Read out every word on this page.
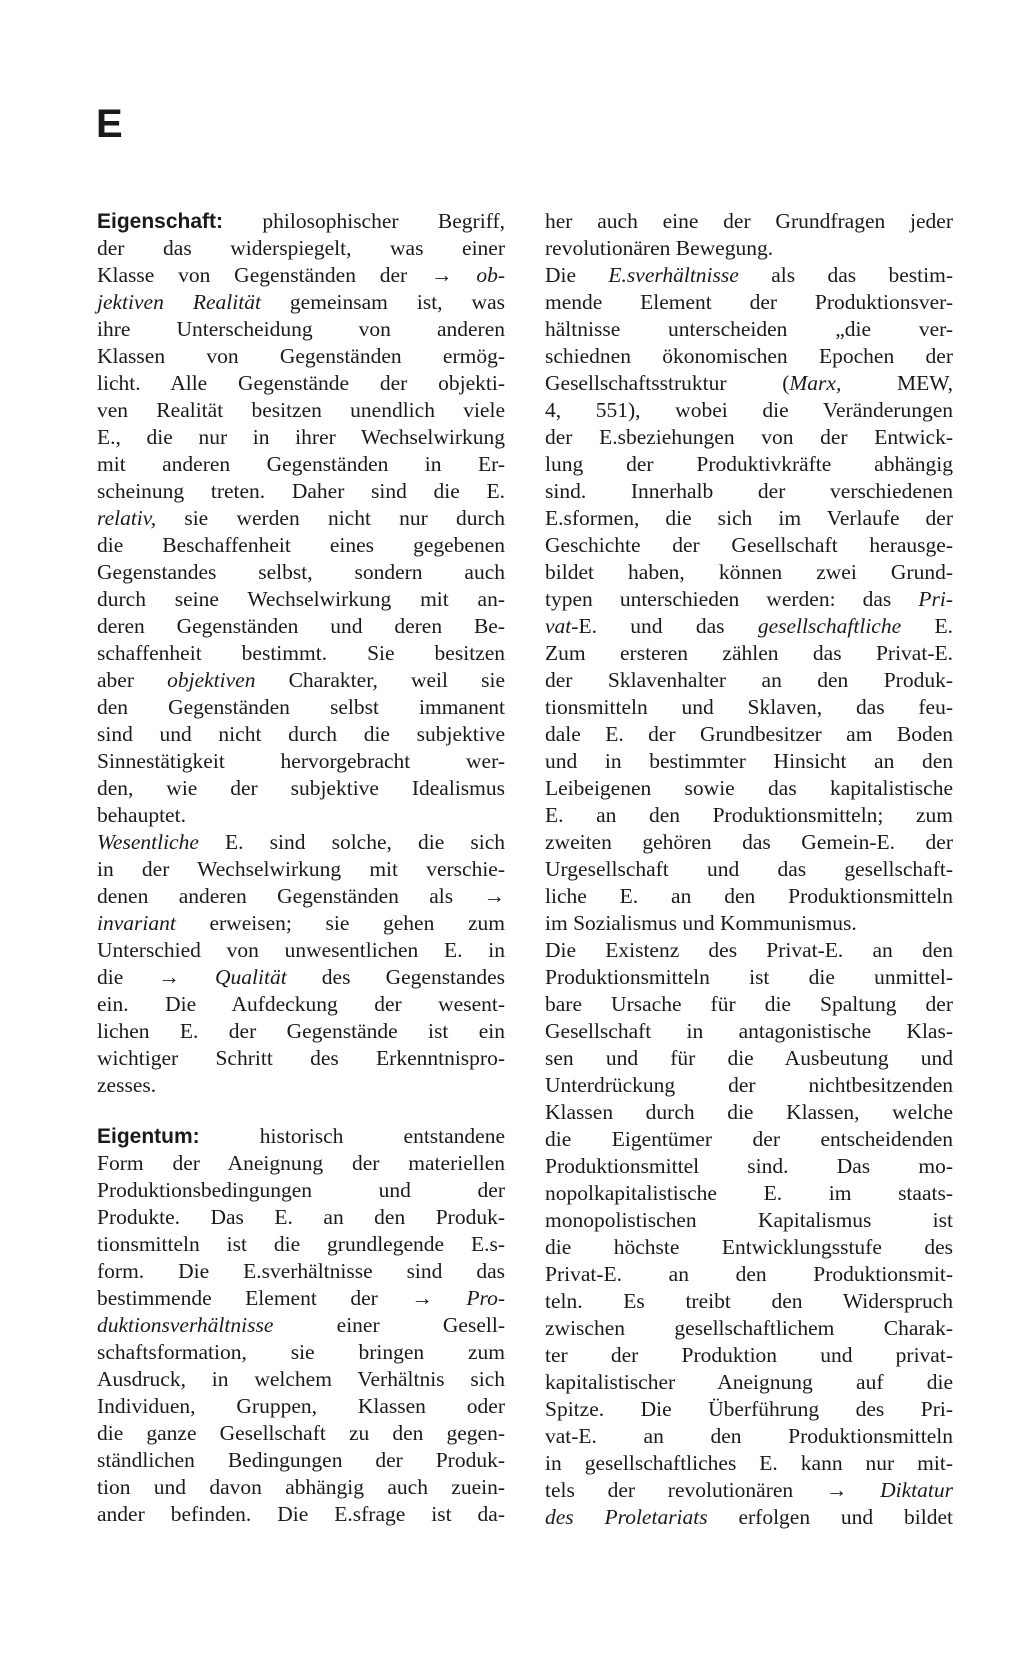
E
Eigenschaft: philosophischer Begriff,
der das widerspiegelt, was einer
Klasse von Gegenständen der → ob-
jektiven Realität gemeinsam ist, was
ihre Unterscheidung von anderen
Klassen von Gegenständen ermög-
licht. Alle Gegenstände der objekti-
ven Realität besitzen unendlich viele
E., die nur in ihrer Wechselwirkung
mit anderen Gegenständen in Er-
scheinung treten. Daher sind die E.
relativ, sie werden nicht nur durch
die Beschaffenheit eines gegebenen
Gegenstandes selbst, sondern auch
durch seine Wechselwirkung mit an-
deren Gegenständen und deren Be-
schaffenheit bestimmt. Sie besitzen
aber objektiven Charakter, weil sie
den Gegenständen selbst immanent
sind und nicht durch die subjektive
Sinnestätigkeit hervorgebracht wer-
den, wie der subjektive Idealismus
behauptet.
Wesentliche E. sind solche, die sich
in der Wechselwirkung mit verschie-
denen anderen Gegenständen als →
invariant erweisen; sie gehen zum
Unterschied von unwesentlichen E. in
die → Qualität des Gegenstandes
ein. Die Aufdeckung der wesent-
lichen E. der Gegenstände ist ein
wichtiger Schritt des Erkenntnispro-
zesses.
Eigentum:	historisch entstandene
Form der Aneignung der materiellen
Produktionsbedingungen und der
Produkte. Das E. an den Produk-
tionsmitteln ist die grundlegende E.s-
form. Die E.sverhältnisse sind das
bestimmende Element der → Pro-
duktionsverhältnisse einer Gesell-
schaftsformation, sie bringen zum
Ausdruck, in welchem Verhältnis sich
Individuen, Gruppen, Klassen oder
die ganze Gesellschaft zu den gegen-
ständlichen Bedingungen der Produk-
tion und davon abhängig auch zuein-
ander befinden. Die E.sfrage ist da-
her auch eine der Grundfragen jeder
revolutionären Bewegung.
Die E.sverhältnisse als das bestim-
mende Element der Produktionsver-
hältnisse unterscheiden „die ver-
schiednen ökonomischen Epochen der
Gesellschaftsstruktur (Marx, MEW,
4, 551), wobei die Veränderungen
der E.sbeziehungen von der Entwick-
lung der Produktivkräfte abhängig
sind. Innerhalb der verschiedenen
E.sformen, die sich im Verlaufe der
Geschichte der Gesellschaft herausge-
bildet haben, können zwei Grund-
typen unterschieden werden: das Pri-
vat-E. und das gesellschaftliche E.
Zum ersteren zählen das Privat-E.
der Sklavenhalter an den Produk-
tionsmitteln und Sklaven, das feu-
dale E. der Grundbesitzer am Boden
und in bestimmter Hinsicht an den
Leibeigenen sowie das kapitalistische
E. an den Produktionsmitteln; zum
zweiten gehören das Gemein-E. der
Urgesellschaft und das gesellschaft-
liche E. an den Produktionsmitteln
im Sozialismus und Kommunismus.
Die Existenz des Privat-E. an den
Produktionsmitteln ist die unmittel-
bare Ursache für die Spaltung der
Gesellschaft in antagonistische Klas-
sen und für die Ausbeutung und
Unterdrückung der nichtbesitzenden
Klassen durch die Klassen, welche
die Eigentümer der entscheidenden
Produktionsmittel sind. Das mo-
nopolkapitalistische E. im staats-
monopolistischen Kapitalismus ist
die höchste Entwicklungsstufe des
Privat-E. an den Produktionsmit-
teln. Es treibt den Widerspruch
zwischen gesellschaftlichem Charak-
ter der Produktion und privat-
kapitalistischer Aneignung auf die
Spitze. Die Überführung des Pri-
vat-E. an den Produktionsmitteln
in gesellschaftliches E. kann nur mit-
tels der revolutionären → Diktatur
des Proletariats erfolgen und bildet
